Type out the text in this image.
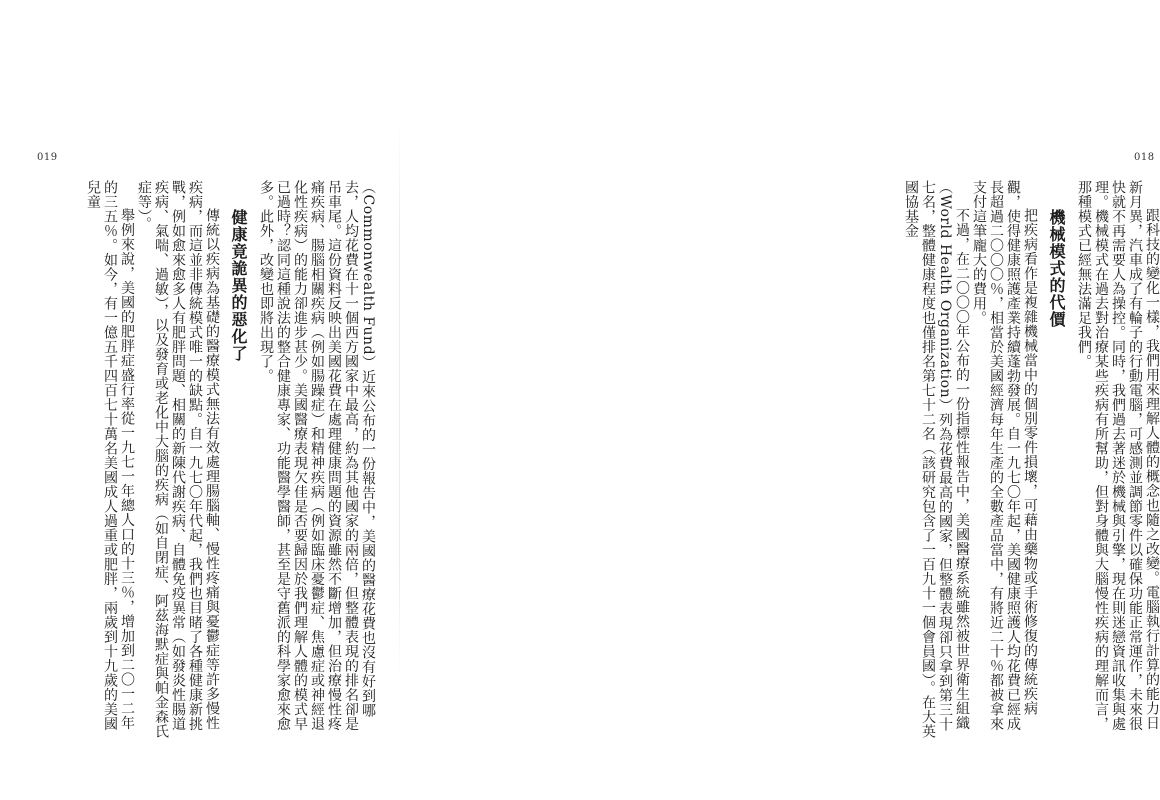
019

（Commonwealth Fund）近來公布的一份報告中，美國的醫療花費也沒有好到哪去，人均花費在十一個西方國家中最高，約為其他國家的兩倍，但整體表現的排名卻是吊車尾。這份資料反映出美國花費在處理健康問題的資源雖然不斷增加，但治療慢性疼痛疾病、腸腦相關疾病（例如腸躁症）和精神疾病（例如臨床憂鬱症、焦慮症或神經退化性疾病）的能力卻進步甚少。美國醫療表現欠佳是否要歸因於我們理解人體的模式早已過時？認同這種說法的整合健康專家、功能醫學醫師，甚至是守舊派的科學家愈來愈多。此外，改變也即將出現了。

健康竟詭異的惡化了

傳統以疾病為基礎的醫療模式無法有效處理腸腦軸、慢性疼痛與憂鬱症等許多慢性疾病，而這並非傳統模式唯一的缺點。自一九七〇年代起，我們也目睹了各種健康新挑戰，例如愈來愈多人有肥胖問題、相關的新陳代謝疾病、自體免疫異常（如發炎性腸道疾病、氣喘、過敏），以及發育或老化中大腦的疾病（如自閉症、阿茲海默症與帕金森氏症等）。

舉例來說，美國的肥胖症盛行率從一九七一年總人口的十三％，增加到二〇一二年的三五％。如今，有一億五千四百七十萬名美國成人過重或肥胖，兩歲到十九歲的美國兒童

018

跟科技的變化一樣，我們用來理解人體的概念也隨之改變。電腦執行計算的能力日新月異，汽車成了有輪子的行動電腦，可感測並調節零件以確保功能正常運作，未來很快就不再需要人為操控。同時，我們過去著迷於機械與引擎，現在則迷戀資訊收集與處理。機械模式在過去對治療某些疾病有所幫助，但對身體與大腦慢性疾病的理解而言，那種模式已經無法滿足我們。

機械模式的代價

把疾病看作是複雜機械當中的個別零件損壞，可藉由藥物或手術修復的傳統疾病觀，使得健康照護產業持續蓬勃發展。自一九七〇年起，美國健康照護人均花費已經成長超過二〇〇〇％，相當於美國經濟每年生產的全數產品當中，有將近二十％都被拿來支付這筆龐大的費用。

不過，在二〇〇〇年公布的一份指標性報告中，美國醫療系統雖然被世界衛生組織（World Health Organization）列為花費最高的國家，但整體表現卻只拿到第三十七名，整體健康程度也僅排名第七十二名（該研究包含了一百九十一個會員國）。在大英國協基金
